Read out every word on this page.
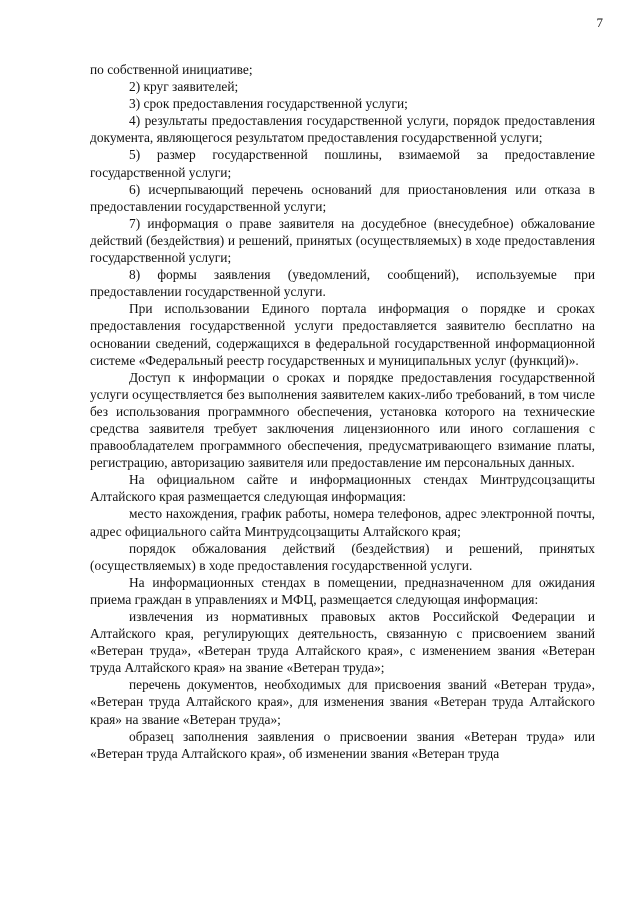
7

по собственной инициативе;

2) круг заявителей;

3) срок предоставления государственной услуги;

4) результаты предоставления государственной услуги, порядок предоставления документа, являющегося результатом предоставления государственной услуги;

5) размер государственной пошлины, взимаемой за предоставление государственной услуги;

6) исчерпывающий перечень оснований для приостановления или отказа в предоставлении государственной услуги;

7) информация о праве заявителя на досудебное (внесудебное) обжалование действий (бездействия) и решений, принятых (осуществляемых) в ходе предоставления государственной услуги;

8) формы заявления (уведомлений, сообщений), используемые при предоставлении государственной услуги.

При использовании Единого портала информация о порядке и сроках предоставления государственной услуги предоставляется заявителю бесплатно на основании сведений, содержащихся в федеральной государственной информационной системе «Федеральный реестр государственных и муниципальных услуг (функций)».

Доступ к информации о сроках и порядке предоставления государственной услуги осуществляется без выполнения заявителем каких-либо требований, в том числе без использования программного обеспечения, установка которого на технические средства заявителя требует заключения лицензионного или иного соглашения с правообладателем программного обеспечения, предусматривающего взимание платы, регистрацию, авторизацию заявителя или предоставление им персональных данных.

На официальном сайте и информационных стендах Минтрудсоцзащиты Алтайского края размещается следующая информация:

место нахождения, график работы, номера телефонов, адрес электронной почты, адрес официального сайта Минтрудсоцзащиты Алтайского края;

порядок обжалования действий (бездействия) и решений, принятых (осуществляемых) в ходе предоставления государственной услуги.

На информационных стендах в помещении, предназначенном для ожидания приема граждан в управлениях и МФЦ, размещается следующая информация:

извлечения из нормативных правовых актов Российской Федерации и Алтайского края, регулирующих деятельность, связанную с присвоением званий «Ветеран труда», «Ветеран труда Алтайского края», с изменением звания «Ветеран труда Алтайского края» на звание «Ветеран труда»;

перечень документов, необходимых для присвоения званий «Ветеран труда», «Ветеран труда Алтайского края», для изменения звания «Ветеран труда Алтайского края» на звание «Ветеран труда»;

образец заполнения заявления о присвоении звания «Ветеран труда» или «Ветеран труда Алтайского края», об изменении звания «Ветеран труда
